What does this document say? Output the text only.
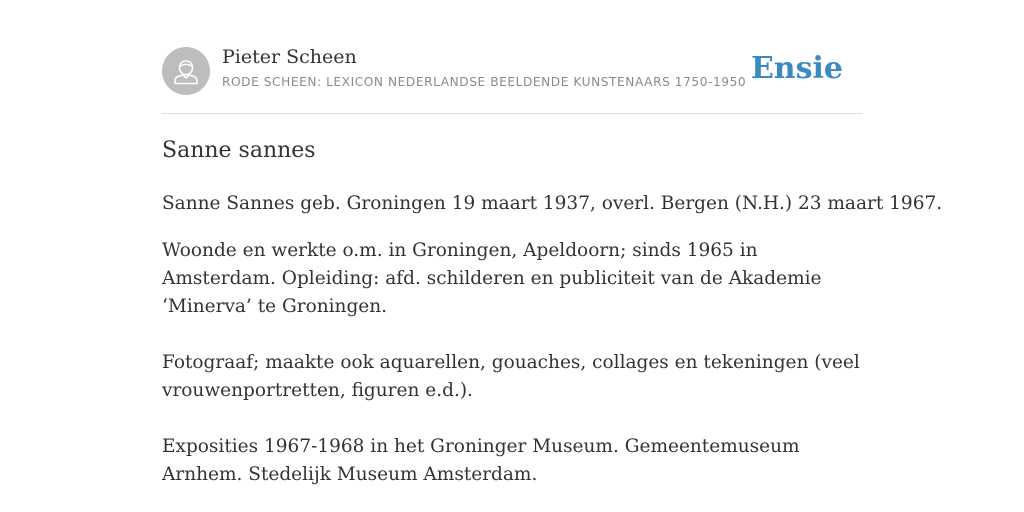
Pieter Scheen
RODE SCHEEN: LEXICON NEDERLANDSE BEELDENDE KUNSTENAARS 1750-1950 Ensie
Sanne sannes

Sanne Sannes geb. Groningen 19 maart 1937, overl. Bergen (N.H.) 23 maart 1967.

Woonde en werkte o.m. in Groningen, Apeldoorn; sinds 1965 in Amsterdam. Opleiding: afd. schilderen en publiciteit van de Akademie ‘Minerva’ te Groningen.

Fotograaf; maakte ook aquarellen, gouaches, collages en tekeningen (veel vrouwenportretten, figuren e.d.).

Exposities 1967-1968 in het Groninger Museum. Gemeentemuseum Arnhem. Stedelijk Museum Amsterdam.
